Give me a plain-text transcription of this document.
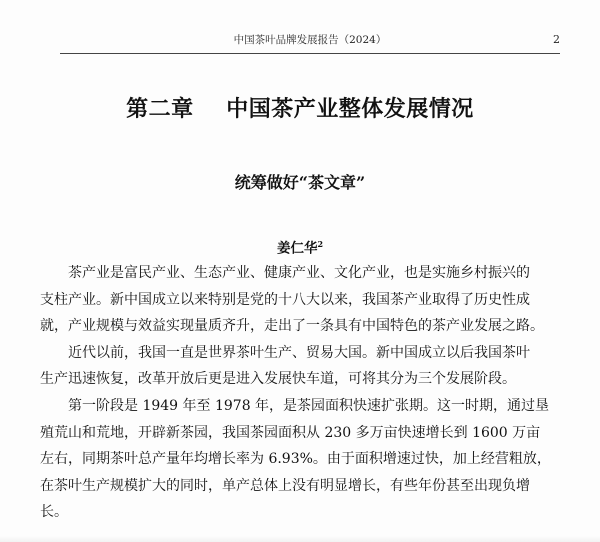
中国茶叶品牌发展报告（2024）	2
第二章    中国茶产业整体发展情况
统筹做好“茶文章”
姜仁华$^2$
茶产业是富民产业、生态产业、健康产业、文化产业，也是实施乡村振兴的
支柱产业。新中国成立以来特别是党的十八大以来，我国茶产业取得了历史性成
就，产业规模与效益实现量质齐升，走出了一条具有中国特色的茶产业发展之路。
近代以前，我国一直是世界茶叶生产、贸易大国。新中国成立以后我国茶叶
生产迅速恢复，改革开放后更是进入发展快车道，可将其分为三个发展阶段。
第一阶段是 1949 年至 1978 年，是茶园面积快速扩张期。这一时期，通过垦
殖荒山和荒地，开辟新茶园，我国茶园面积从 230 多万亩快速增长到 1600 万亩
左右，同期茶叶总产量年均增长率为 6.93%。由于面积增速过快，加上经营粗放，
在茶叶生产规模扩大的同时，单产总体上没有明显增长，有些年份甚至出现负增
长。
